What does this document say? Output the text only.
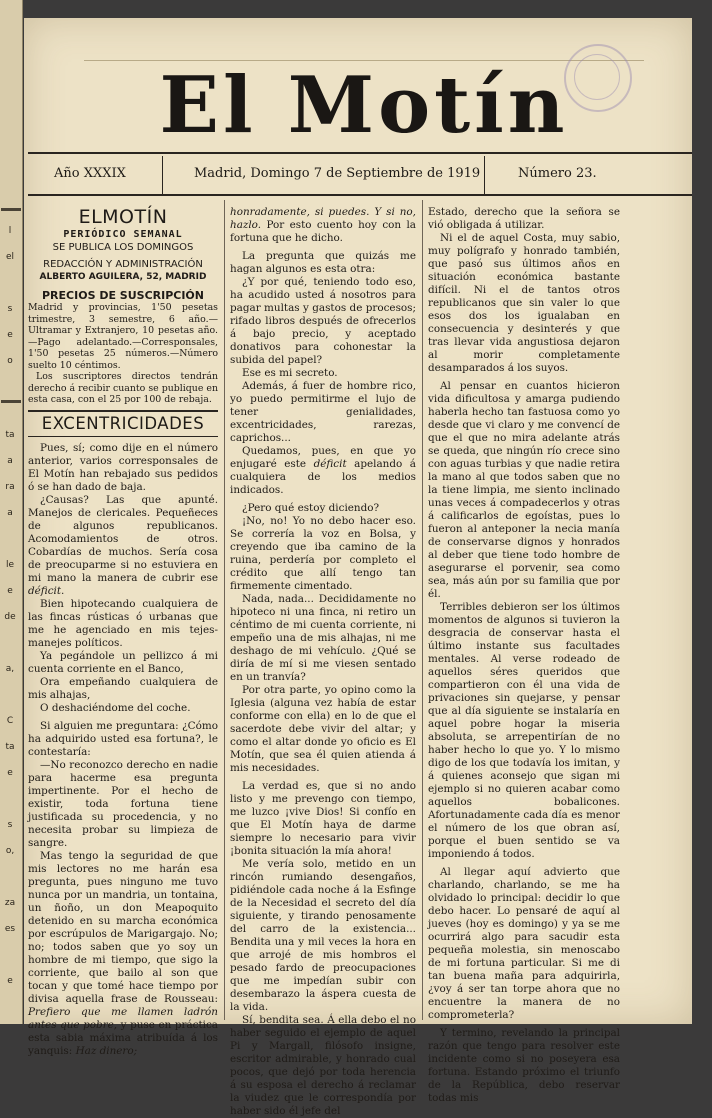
l
el
s
e
o
ta
a
ra
a
le
e
de
a,
C
ta
e
s
o,
za
es
e
El Motín
Año XXXIX	Madrid, Domingo 7 de Septiembre de 1919	Número 23.
ELMOTÍN
PERIÓDICO SEMANAL
SE PUBLICA LOS DOMINGOS
REDACCIÓN Y ADMINISTRACIÓN
ALBERTO AGUILERA, 52, MADRID
PRECIOS DE SUSCRIPCIÓN
Madrid y provincias, 1'50 pesetas trimestre, 3 semestre, 6 año.—Ultramar y Extranjero, 10 pesetas año.—Pago adelantado.—Corresponsales, 1'50 pesetas 25 números.—Número suelto 10 céntimos.
Los suscriptores directos tendrán derecho á recibir cuanto se publique en esta casa, con el 25 por 100 de rebaja.
EXCENTRICIDADES

Pues, sí; como dije en el número anterior, varios corresponsales de El Motín han rebajado sus pedidos ó se han dado de baja.

¿Causas? Las que apunté. Manejos de clericales. Pequeñeces de algunos republicanos. Acomodamientos de otros. Cobardías de muchos. Sería cosa de preocuparme si no estuviera en mi mano la manera de cubrir ese déficit.

Bien hipotecando cualquiera de las fincas rústicas ó urbanas que me he agenciado en mis tejes-manejes políticos.

Ya pegándole un pellizco á mi cuenta corriente en el Banco,

Ora empeñando cualquiera de mis alhajas,

O deshaciéndome del coche.

Si alguien me preguntara: ¿Cómo ha adquirido usted esa fortuna?, le contestaría:

—No reconozco derecho en nadie para hacerme esa pregunta impertinente. Por el hecho de existir, toda fortuna tiene justificada su procedencia, y no necesita probar su limpieza de sangre.

Mas tengo la seguridad de que mis lectores no me harán esa pregunta, pues ninguno me tuvo nunca por un mandria, un tontaina, un ñoño, un don Meapoquito detenido en su marcha económica por escrúpulos de Marigargajo. No; no; todos saben que yo soy un hombre de mi tiempo, que sigo la corriente, que bailo al son que tocan y que tomé hace tiempo por divisa aquella frase de Rousseau: Prefiero que me llamen ladrón antes que pobre, y puse en práctica esta sabia máxima atribuída á los yanquis: Haz dinero;

honradamente, si puedes. Y si no, hazlo. Por esto cuento hoy con la fortuna que he dicho.

La pregunta que quizás me hagan algunos es esta otra:

¿Y por qué, teniendo todo eso, ha acudido usted á nosotros para pagar multas y gastos de procesos; rifado libros después de ofrecerlos á bajo precio, y aceptado donativos para cohonestar la subida del papel?

Ese es mi secreto.

Además, á fuer de hombre rico, yo puedo permitirme el lujo de tener genialidades, excentricidades, rarezas, caprichos...

Quedamos, pues, en que yo enjugaré este déficit apelando á cualquiera de los medios indicados.

¿Pero qué estoy diciendo?

¡No, no! Yo no debo hacer eso. Se correría la voz en Bolsa, y creyendo que iba camino de la ruina, perdería por completo el crédito que allí tengo tan firmemente cimentado.

Nada, nada... Decididamente no hipoteco ni una finca, ni retiro un céntimo de mi cuenta corriente, ni empeño una de mis alhajas, ni me deshago de mi vehículo. ¿Qué se diría de mí si me viesen sentado en un tranvía?

Por otra parte, yo opino como la Iglesia (alguna vez había de estar conforme con ella) en lo de que el sacerdote debe vivir del altar; y como el altar donde yo oficio es El Motín, que sea él quien atienda á mis necesidades.

La verdad es, que si no ando listo y me prevengo con tiempo, me luzco ¡vive Dios! Si confío en que El Motín haya de darme siempre lo necesario para vivir ¡bonita situación la mía ahora!

Me vería solo, metido en un rincón rumiando desengaños, pidiéndole cada noche á la Esfinge de la Necesidad el secreto del día siguiente, y tirando penosamente del carro de la existencia... Bendita una y mil veces la hora en que arrojé de mis hombros el pesado fardo de preocupaciones que me impedían subir con desembarazo la áspera cuesta de la vida.

Sí, bendita sea. Á ella debo el no haber seguido el ejemplo de aquel Pi y Margall, filósofo insigne, escritor admirable, y honrado cual pocos, que dejó por toda herencia á su esposa el derecho á reclamar la viudez que le correspondía por haber sido él jefe del

Estado, derecho que la señora se vió obligada á utilizar.

Ni el de aquel Costa, muy sabio, muy polígrafo y honrado también, que pasó sus últimos años en situación económica bastante difícil. Ni el de tantos otros republicanos que sin valer lo que esos dos los igualaban en consecuencia y desinterés y que tras llevar vida angustiosa dejaron al morir completamente desamparados á los suyos.

Al pensar en cuantos hicieron vida dificultosa y amarga pudiendo haberla hecho tan fastuosa como yo desde que vi claro y me convencí de que el que no mira adelante atrás se queda, que ningún río crece sino con aguas turbias y que nadie retira la mano al que todos saben que no la tiene limpia, me siento inclinado unas veces á compadecerlos y otras á calificarlos de egoístas, pues lo fueron al anteponer la necia manía de conservarse dignos y honrados al deber que tiene todo hombre de asegurarse el porvenir, sea como sea, más aún por su familia que por él.

Terribles debieron ser los últimos momentos de algunos si tuvieron la desgracia de conservar hasta el último instante sus facultades mentales. Al verse rodeado de aquellos séres queridos que compartieron con él una vida de privaciones sin quejarse, y pensar que al día siguiente se instalaría en aquel pobre hogar la miseria absoluta, se arrepentirían de no haber hecho lo que yo. Y lo mismo digo de los que todavía los imitan, y á quienes aconsejo que sigan mi ejemplo si no quieren acabar como aquellos bobalicones. Afortunadamente cada día es menor el número de los que obran así, porque el buen sentido se va imponiendo á todos.

Al llegar aquí advierto que charlando, charlando, se me ha olvidado lo principal: decidir lo que debo hacer. Lo pensaré de aquí al jueves (hoy es domingo) y ya se me ocurrirá algo para sacudir esta pequeña molestia, sin menoscabo de mi fortuna particular. Si me di tan buena maña para adquirirla, ¿voy á ser tan torpe ahora que no encuentre la manera de no comprometerla?

Y termino, revelando la principal razón que tengo para resolver este incidente como si no poseyera esa fortuna. Estando próximo el triunfo de la República, debo reservar todas mis
